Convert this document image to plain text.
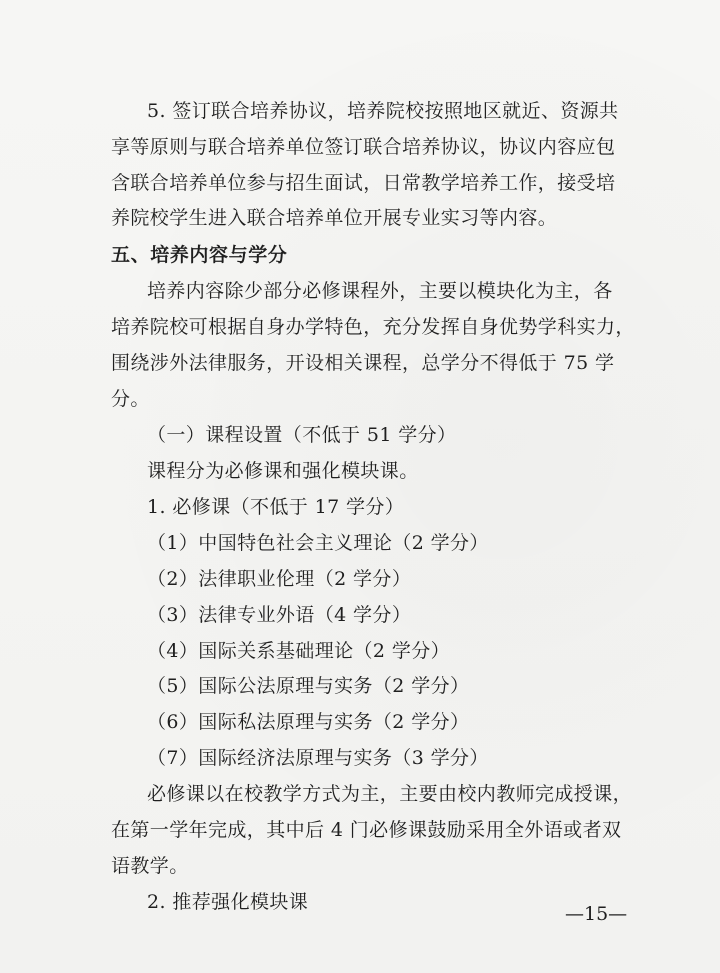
5. 签订联合培养协议，培养院校按照地区就近、资源共
享等原则与联合培养单位签订联合培养协议，协议内容应包
含联合培养单位参与招生面试，日常教学培养工作，接受培
养院校学生进入联合培养单位开展专业实习等内容。
五、培养内容与学分
培养内容除少部分必修课程外，主要以模块化为主，各
培养院校可根据自身办学特色，充分发挥自身优势学科实力，
围绕涉外法律服务，开设相关课程，总学分不得低于 75 学
分。
（一）课程设置（不低于 51 学分）
课程分为必修课和强化模块课。
1. 必修课（不低于 17 学分）
（1）中国特色社会主义理论（2 学分）
（2）法律职业伦理（2 学分）
（3）法律专业外语（4 学分）
（4）国际关系基础理论（2 学分）
（5）国际公法原理与实务（2 学分）
（6）国际私法原理与实务（2 学分）
（7）国际经济法原理与实务（3 学分）
必修课以在校教学方式为主，主要由校内教师完成授课，
在第一学年完成，其中后 4 门必修课鼓励采用全外语或者双
语教学。
2. 推荐强化模块课
—15—
